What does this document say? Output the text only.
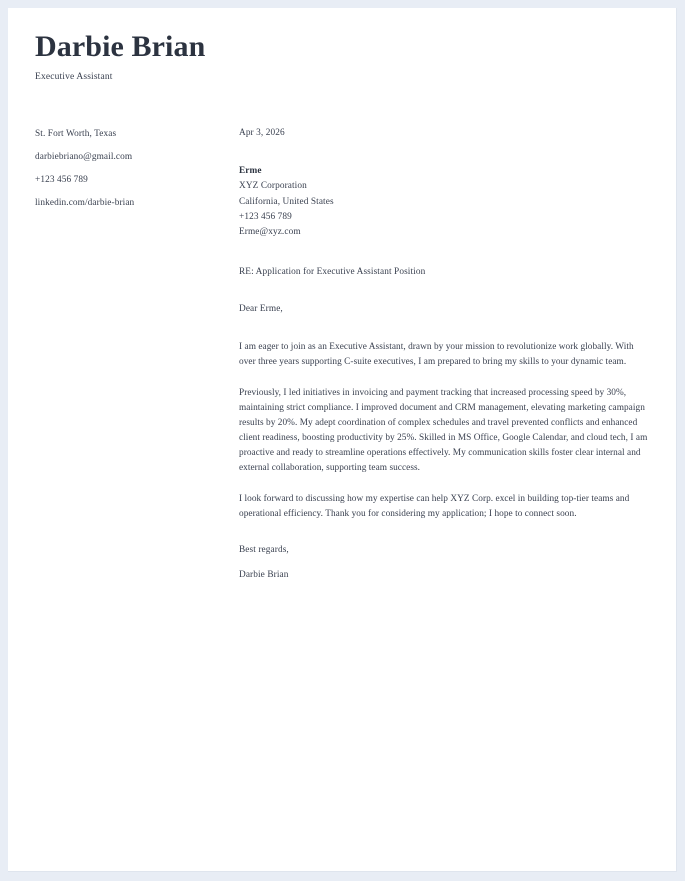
Darbie Brian
Executive Assistant
St. Fort Worth, Texas
darbiebriano@gmail.com
+123 456 789
linkedin.com/darbie-brian
Apr 3, 2026
Erme
XYZ Corporation
California, United States
+123 456 789
Erme@xyz.com
RE: Application for Executive Assistant Position
Dear Erme,

I am eager to join as an Executive Assistant, drawn by your mission to revolutionize work globally. With over three years supporting C-suite executives, I am prepared to bring my skills to your dynamic team.

Previously, I led initiatives in invoicing and payment tracking that increased processing speed by 30%, maintaining strict compliance. I improved document and CRM management, elevating marketing campaign results by 20%. My adept coordination of complex schedules and travel prevented conflicts and enhanced client readiness, boosting productivity by 25%. Skilled in MS Office, Google Calendar, and cloud tech, I am proactive and ready to streamline operations effectively. My communication skills foster clear internal and external collaboration, supporting team success.

I look forward to discussing how my expertise can help XYZ Corp. excel in building top-tier teams and operational efficiency. Thank you for considering my application; I hope to connect soon.

Best regards,
Darbie Brian
